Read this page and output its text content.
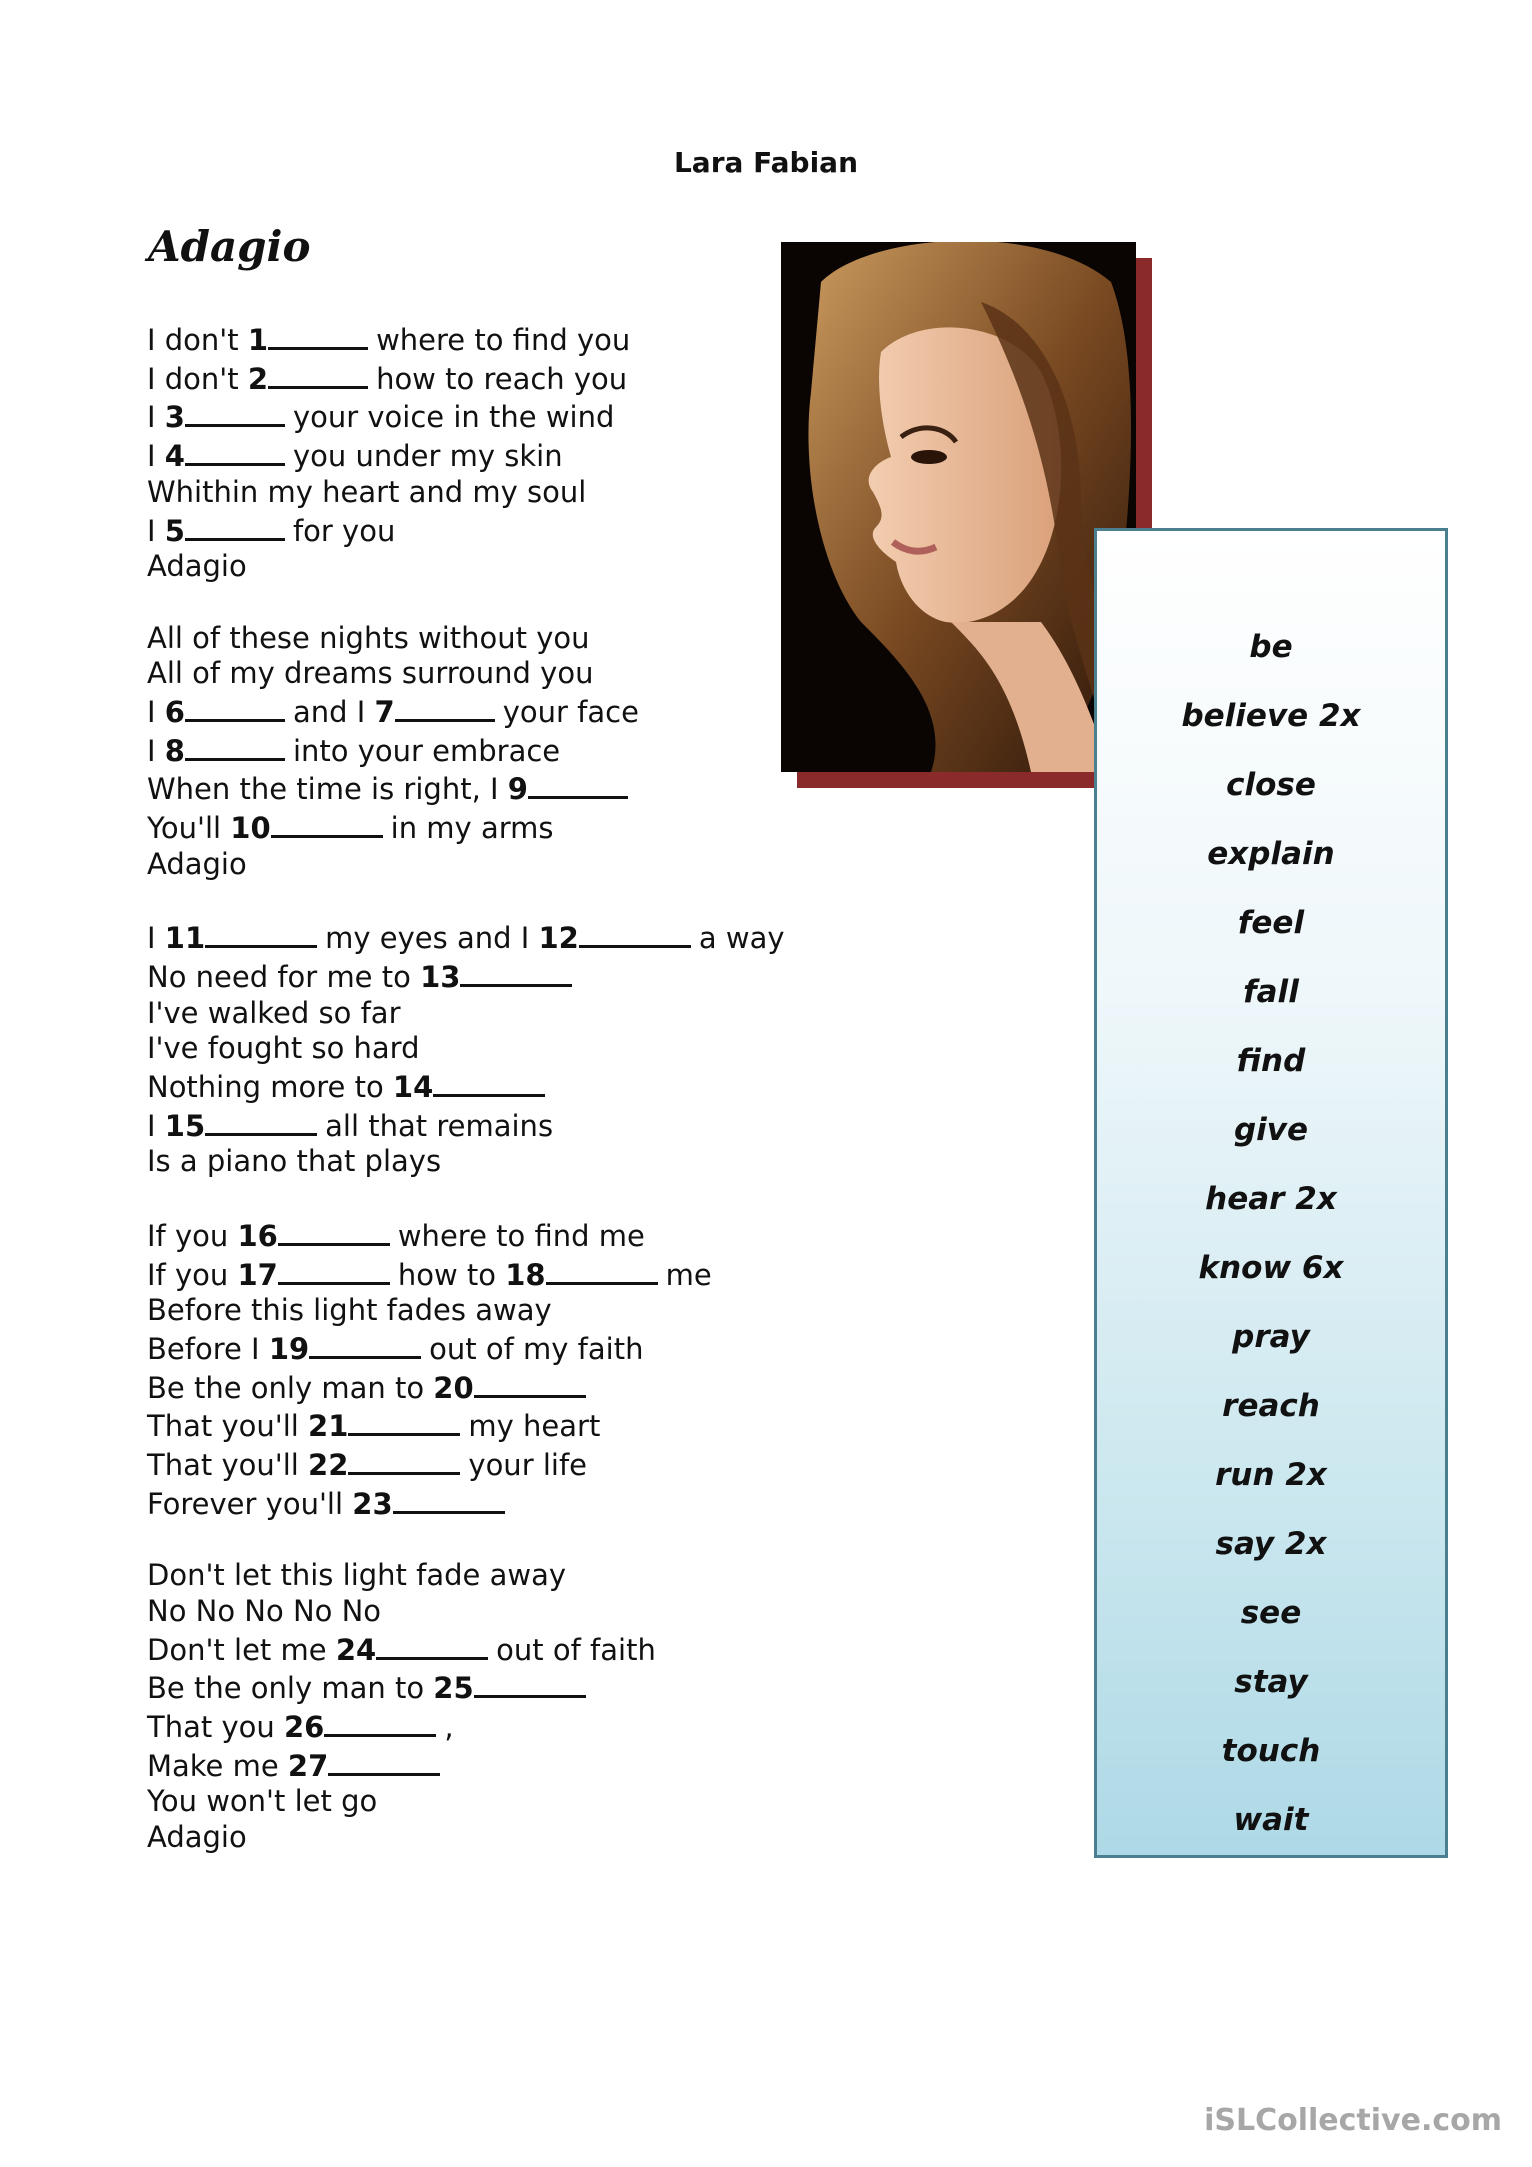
Lara Fabian
Adagio
I don't 1	where to find you
I don't 2	how to reach you
I 3	your voice in the wind
I 4	you under my skin
Whithin my heart and my soul
I 5	for you
Adagio
All of these nights without you
All of my dreams surround you
I 6	and I 7	your face
I 8	into your embrace
When the time is right, I 9
You'll 10	in my arms
Adagio
I 11	my eyes and I 12	a way
No need for me to 13
I've walked so far
I've fought so hard
Nothing more to 14
I 15	all that remains
Is a piano that plays
If you 16	where to find me
If you 17	how to 18	me
Before this light fades away
Before I 19	out of my faith
Be the only man to 20
That you'll 21	my heart
That you'll 22	your life
Forever you'll 23
Don't let this light fade away
No No No No No
Don't let me 24	out of faith
Be the only man to 25
That you 26	,
Make me 27
You won't let go
Adagio
be
believe 2x
close
explain
feel
fall
find
give
hear 2x
know 6x
pray
reach
run 2x
say 2x
see
stay
touch
wait
iSLCollective.com
